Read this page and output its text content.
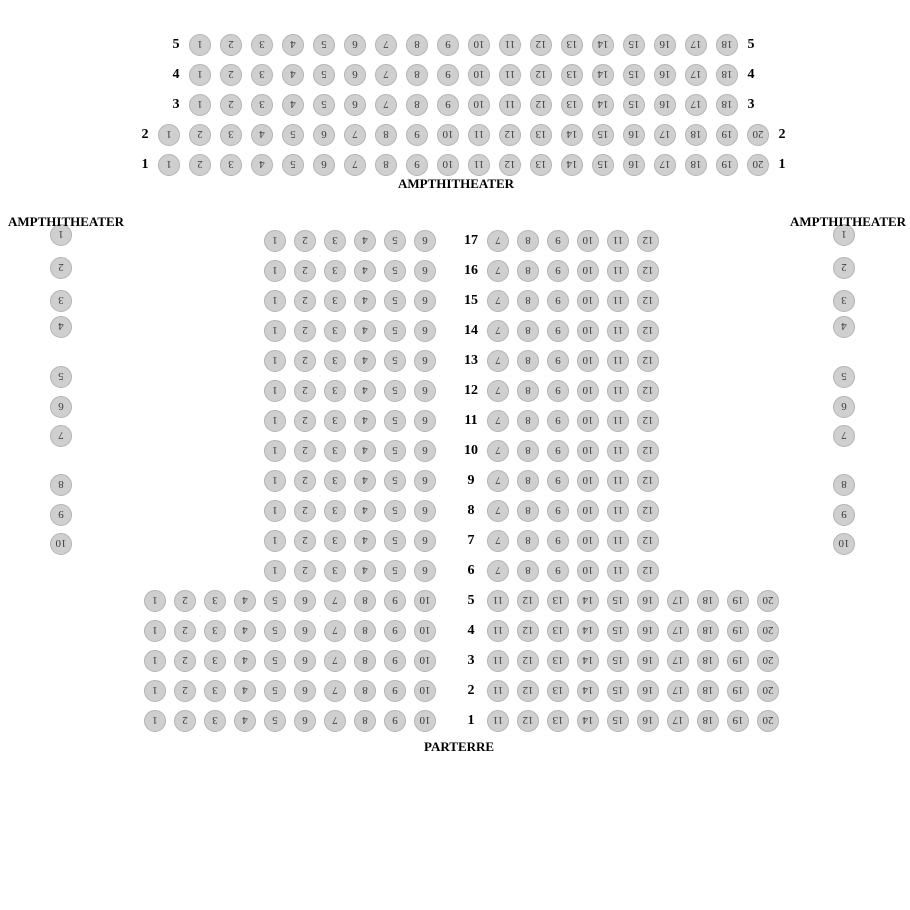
1	2	3	4	5	6	7	8	9	10	11	12	13	14	15	16	17	18
5	5
1	2	3	4	5	6	7	8	9	10	11	12	13	14	15	16	17	18
4	4
1	2	3	4	5	6	7	8	9	10	11	12	13	14	15	16	17	18
3	3
1	2	3	4	5	6	7	8	9	10	11	12	13	14	15	16	17	18	19	20
2	2
1	2	3	4	5	6	7	8	9	10	11	12	13	14	15	16	17	18	19	20
1	1
AMPTHITHEATER
1
2
3
4
5
6
7
8
9
10
AMPTHITHEATER
1
2
3
4
5
6
7
8
9
10
AMPTHITHEATER
1	2	3	4	5	6	7	8	9	10	11	12
17
1	2	3	4	5	6	7	8	9	10	11	12
16
1	2	3	4	5	6	7	8	9	10	11	12
15
1	2	3	4	5	6	7	8	9	10	11	12
14
1	2	3	4	5	6	7	8	9	10	11	12
13
1	2	3	4	5	6	7	8	9	10	11	12
12
1	2	3	4	5	6	7	8	9	10	11	12
11
1	2	3	4	5	6	7	8	9	10	11	12
10
1	2	3	4	5	6	7	8	9	10	11	12
9
1	2	3	4	5	6	7	8	9	10	11	12
8
1	2	3	4	5	6	7	8	9	10	11	12
7
1	2	3	4	5	6	7	8	9	10	11	12
6
1	2	3	4	5	6	7	8	9	10	11	12	13	14	15	16	17	18	19	20
5
1	2	3	4	5	6	7	8	9	10	11	12	13	14	15	16	17	18	19	20
4
1	2	3	4	5	6	7	8	9	10	11	12	13	14	15	16	17	18	19	20
3
1	2	3	4	5	6	7	8	9	10	11	12	13	14	15	16	17	18	19	20
2
1	2	3	4	5	6	7	8	9	10	11	12	13	14	15	16	17	18	19	20
1
PARTERRE
